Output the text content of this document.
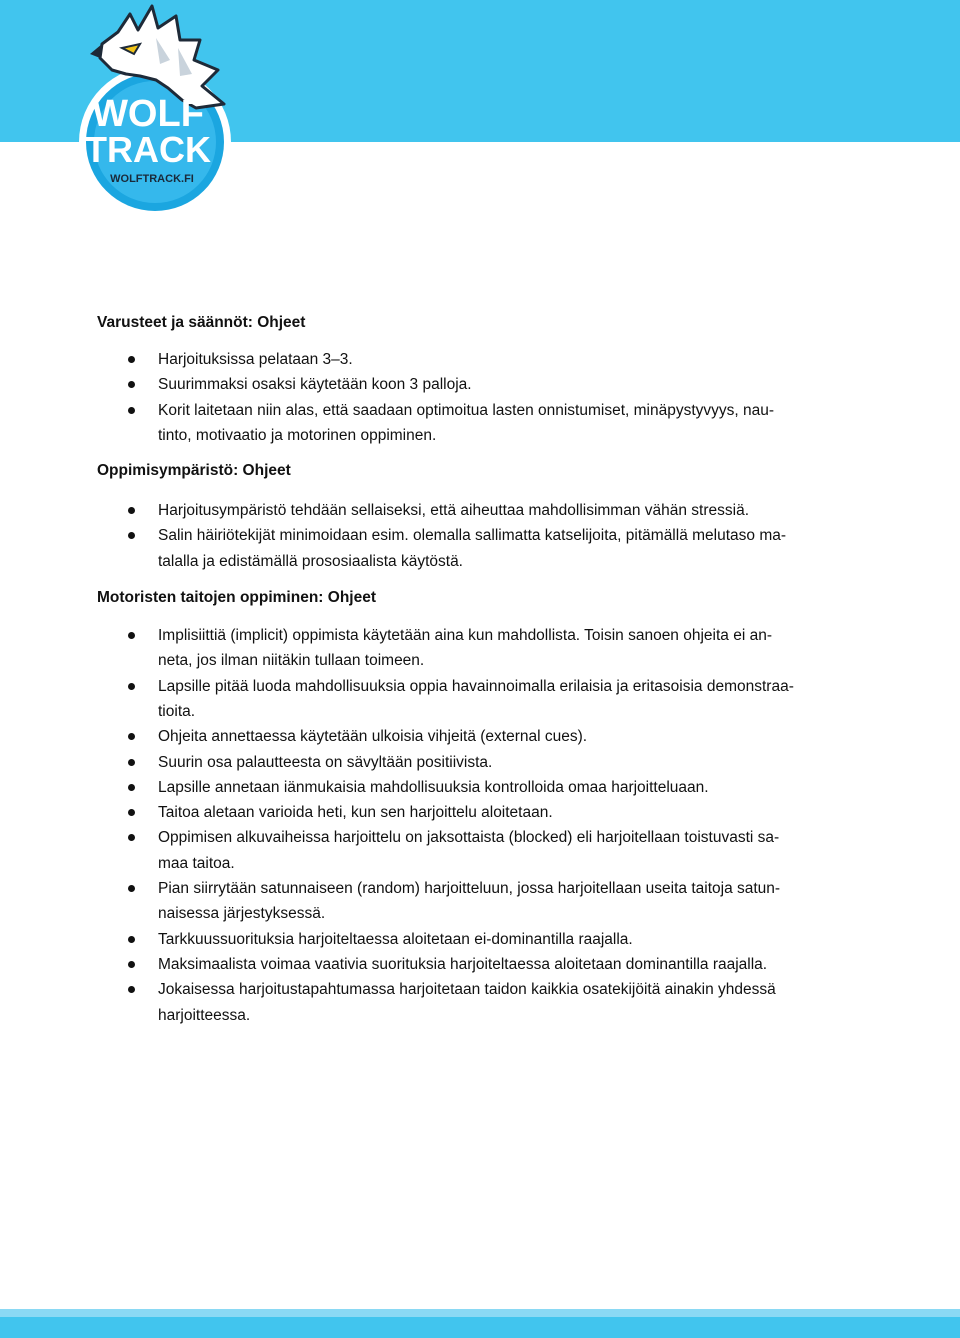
WOLF
TRACK
WOLFTRACK.FI
Varusteet ja säännöt: Ohjeet
Harjoituksissa pelataan 3–3.
Suurimmaksi osaksi käytetään koon 3 palloja.
Korit laitetaan niin alas, että saadaan optimoitua lasten onnistumiset, minäpystyvyys, nau-
tinto, motivaatio ja motorinen oppiminen.
Oppimisympäristö: Ohjeet
Harjoitusympäristö tehdään sellaiseksi, että aiheuttaa mahdollisimman vähän stressiä.
Salin häiriötekijät minimoidaan esim. olemalla sallimatta katselijoita, pitämällä melutaso ma-
talalla ja edistämällä prososiaalista käytöstä.
Motoristen taitojen oppiminen: Ohjeet
Implisiittiä (implicit) oppimista käytetään aina kun mahdollista. Toisin sanoen ohjeita ei an-
neta, jos ilman niitäkin tullaan toimeen.
Lapsille pitää luoda mahdollisuuksia oppia havainnoimalla erilaisia ja eritasoisia demonstraa-
tioita.
Ohjeita annettaessa käytetään ulkoisia vihjeitä (external cues).
Suurin osa palautteesta on sävyltään positiivista.
Lapsille annetaan iänmukaisia mahdollisuuksia kontrolloida omaa harjoitteluaan.
Taitoa aletaan varioida heti, kun sen harjoittelu aloitetaan.
Oppimisen alkuvaiheissa harjoittelu on jaksottaista (blocked) eli harjoitellaan toistuvasti sa-
maa taitoa.
Pian siirrytään satunnaiseen (random) harjoitteluun, jossa harjoitellaan useita taitoja satun-
naisessa järjestyksessä.
Tarkkuussuorituksia harjoiteltaessa aloitetaan ei-dominantilla raajalla.
Maksimaalista voimaa vaativia suorituksia harjoiteltaessa aloitetaan dominantilla raajalla.
Jokaisessa harjoitustapahtumassa harjoitetaan taidon kaikkia osatekijöitä ainakin yhdessä
harjoitteessa.
